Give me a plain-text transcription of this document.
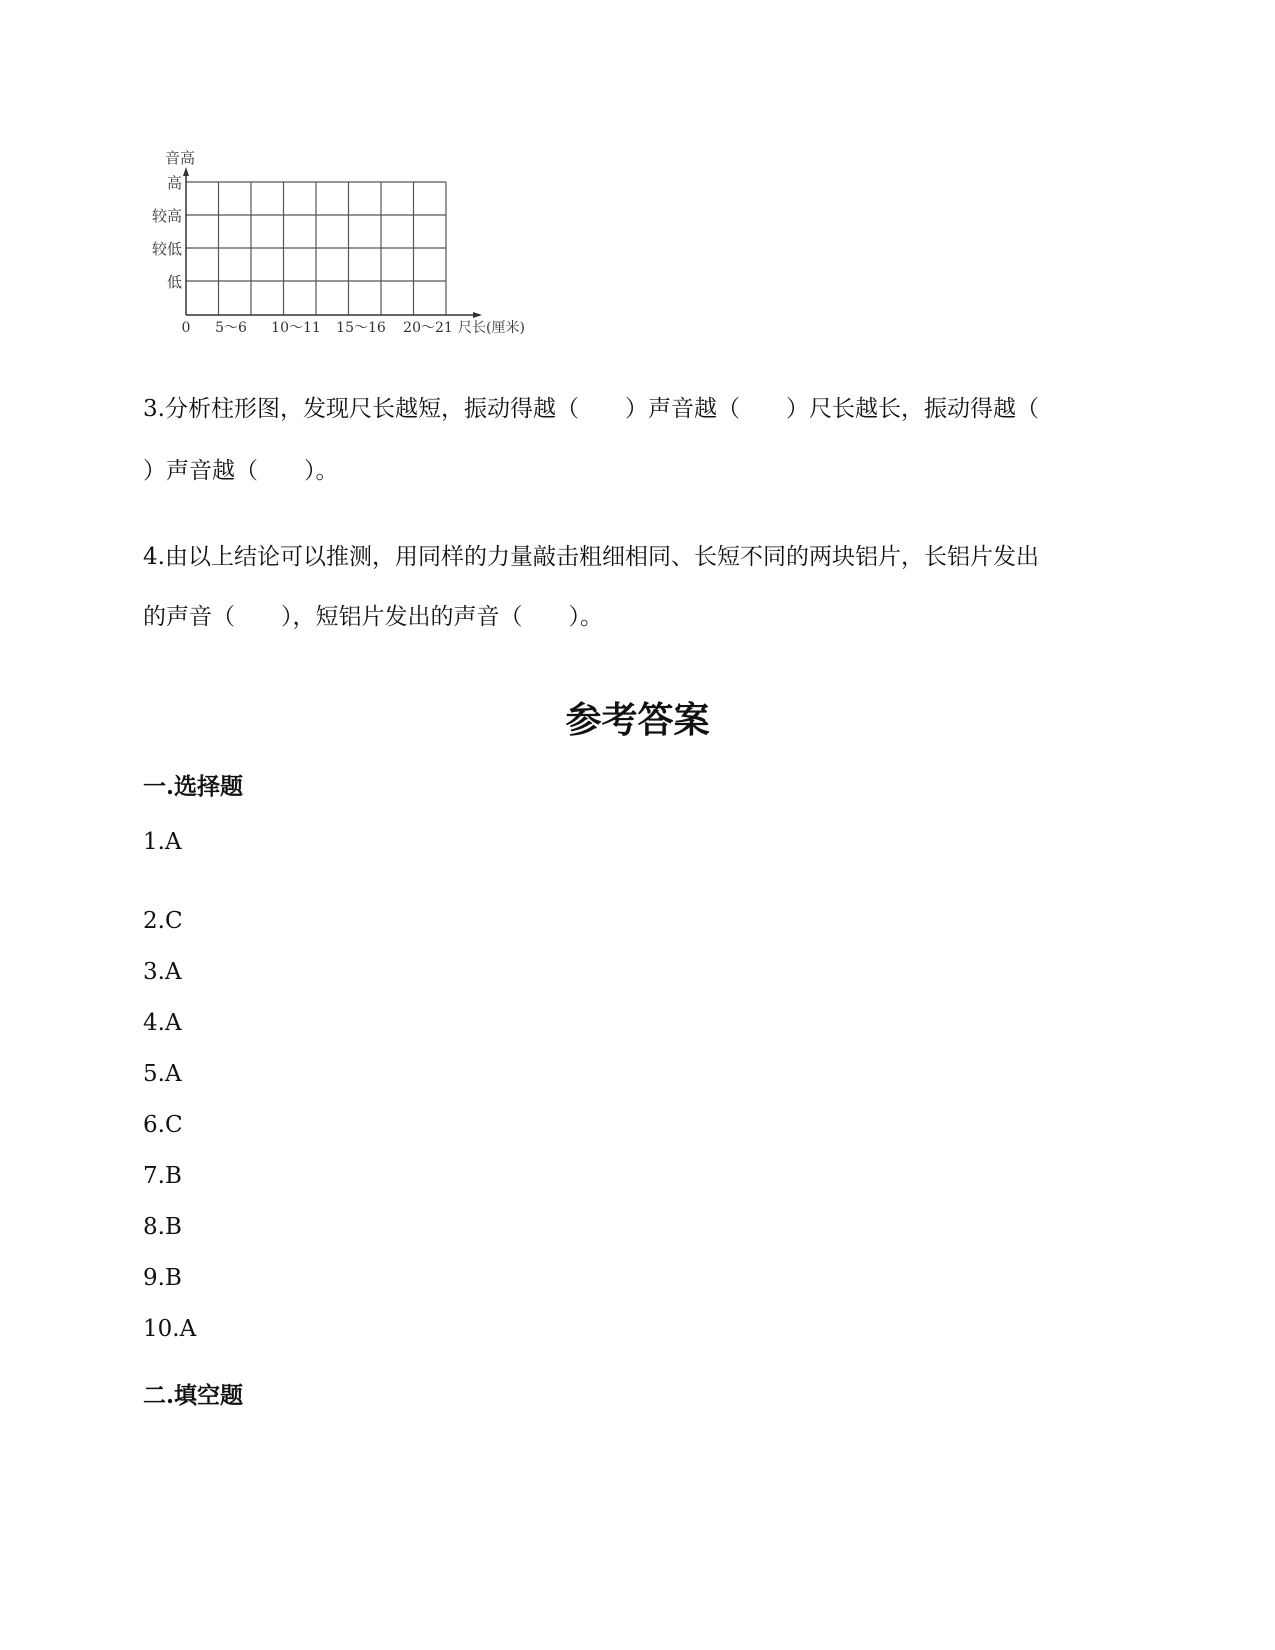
音高
高
较高
较低
低
0 5～6 10～11 15～16 20～21 尺长(厘米)
3.分析柱形图，发现尺长越短，振动得越（　　）声音越（　　）尺长越长，振动得越（
）声音越（　　）。
4.由以上结论可以推测，用同样的力量敲击粗细相同、长短不同的两块铝片，长铝片发出
的声音（　　），短铝片发出的声音（　　）。
参考答案
一.选择题
1.A
2.C
3.A
4.A
5.A
6.C
7.B
8.B
9.B
10.A
二.填空题
